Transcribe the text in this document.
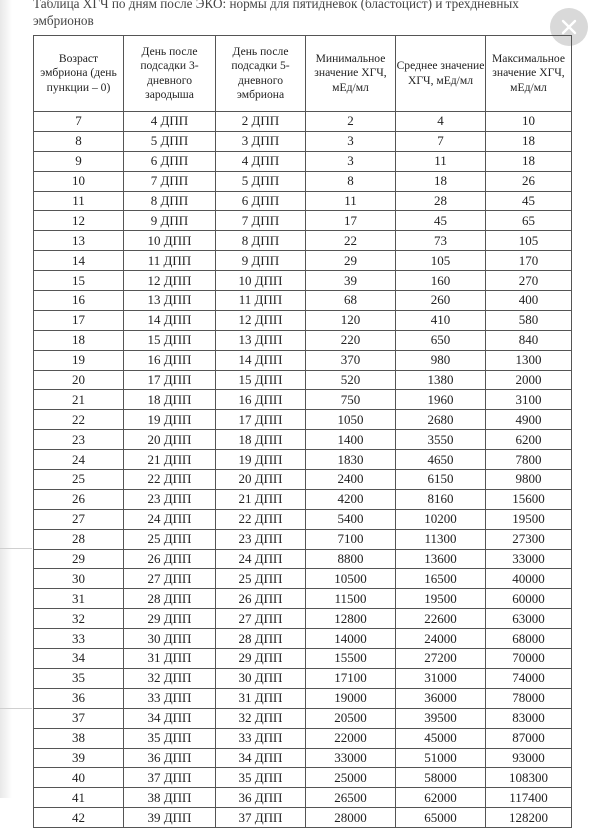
Таблица ХГЧ по дням после ЭКО: нормы для пятидневок (бластоцист) и трехдневных эмбрионов
Возраст эмбриона (день пункции – 0)	День после подсадки 3-дневного зародыша	День после подсадки 5-дневного эмбриона	Минимальное значение ХГЧ, мЕд/мл	Среднее значение ХГЧ, мЕд/мл	Максимальное значение ХГЧ, мЕд/мл
7	4 ДПП	2 ДПП	2	4	10
8	5 ДПП	3 ДПП	3	7	18
9	6 ДПП	4 ДПП	3	11	18
10	7 ДПП	5 ДПП	8	18	26
11	8 ДПП	6 ДПП	11	28	45
12	9 ДПП	7 ДПП	17	45	65
13	10 ДПП	8 ДПП	22	73	105
14	11 ДПП	9 ДПП	29	105	170
15	12 ДПП	10 ДПП	39	160	270
16	13 ДПП	11 ДПП	68	260	400
17	14 ДПП	12 ДПП	120	410	580
18	15 ДПП	13 ДПП	220	650	840
19	16 ДПП	14 ДПП	370	980	1300
20	17 ДПП	15 ДПП	520	1380	2000
21	18 ДПП	16 ДПП	750	1960	3100
22	19 ДПП	17 ДПП	1050	2680	4900
23	20 ДПП	18 ДПП	1400	3550	6200
24	21 ДПП	19 ДПП	1830	4650	7800
25	22 ДПП	20 ДПП	2400	6150	9800
26	23 ДПП	21 ДПП	4200	8160	15600
27	24 ДПП	22 ДПП	5400	10200	19500
28	25 ДПП	23 ДПП	7100	11300	27300
29	26 ДПП	24 ДПП	8800	13600	33000
30	27 ДПП	25 ДПП	10500	16500	40000
31	28 ДПП	26 ДПП	11500	19500	60000
32	29 ДПП	27 ДПП	12800	22600	63000
33	30 ДПП	28 ДПП	14000	24000	68000
34	31 ДПП	29 ДПП	15500	27200	70000
35	32 ДПП	30 ДПП	17100	31000	74000
36	33 ДПП	31 ДПП	19000	36000	78000
37	34 ДПП	32 ДПП	20500	39500	83000
38	35 ДПП	33 ДПП	22000	45000	87000
39	36 ДПП	34 ДПП	33000	51000	93000
40	37 ДПП	35 ДПП	25000	58000	108300
41	38 ДПП	36 ДПП	26500	62000	117400
42	39 ДПП	37 ДПП	28000	65000	128200
